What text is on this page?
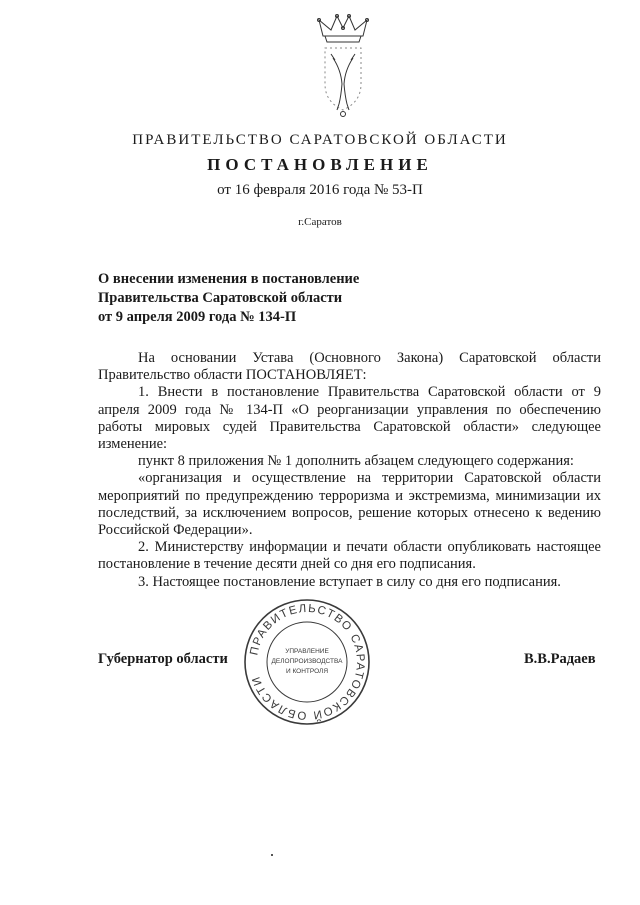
ПРАВИТЕЛЬСТВО САРАТОВСКОЙ ОБЛАСТИ
ПОСТАНОВЛЕНИЕ
от 16 февраля 2016 года № 53-П
г.Саратов
О внесении изменения в постановление
Правительства Саратовской области
от 9 апреля 2009 года № 134-П

На основании Устава (Основного Закона) Саратовской области Правительство области ПОСТАНОВЛЯЕТ:

1. Внести в постановление Правительства Саратовской области от 9 апреля 2009 года № 134-П «О реорганизации управления по обеспечению работы мировых судей Правительства Саратовской области» следующее изменение:

пункт 8 приложения № 1 дополнить абзацем следующего содержания:

«организация и осуществление на территории Саратовской области мероприятий по предупреждению терроризма и экстремизма, минимизации их последствий, за исключением вопросов, решение которых отнесено к ведению Российской Федерации».

2. Министерству информации и печати области опубликовать настоящее постановление в течение десяти дней со дня его подписания.

3. Настоящее постановление вступает в силу со дня его подписания.

Губернатор области	В.В.Радаев
ПРАВИТЕЛЬСТВО САРАТОВСКОЙ ОБЛАСТИ
УПРАВЛЕНИЕ
ДЕЛОПРОИЗВОДСТВА
И КОНТРОЛЯ
